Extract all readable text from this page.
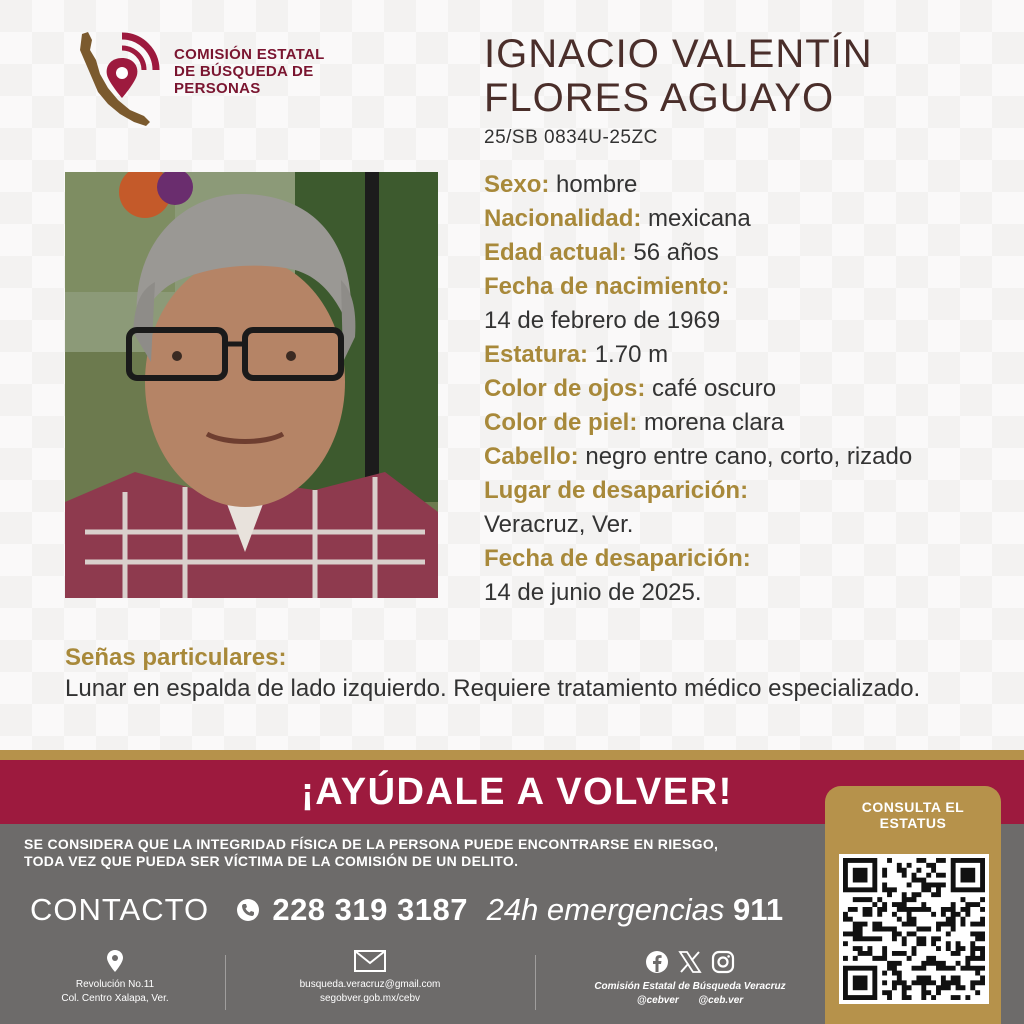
COMISIÓN ESTATAL
DE BÚSQUEDA DE
PERSONAS
IGNACIO VALENTÍN
FLORES AGUAYO
25/SB 0834U-25ZC
Sexo: hombre
Nacionalidad: mexicana
Edad actual: 56 años
Fecha de nacimiento:
14 de febrero de 1969
Estatura: 1.70 m
Color de ojos: café oscuro
Color de piel: morena clara
Cabello: negro entre cano, corto, rizado
Lugar de desaparición:
Veracruz, Ver.
Fecha de desaparición:
14 de junio de 2025.
Señas particulares:
Lunar en espalda de lado izquierdo. Requiere tratamiento médico especializado.
¡AYÚDALE A VOLVER!
SE CONSIDERA QUE LA INTEGRIDAD FÍSICA DE LA PERSONA PUEDE ENCONTRARSE EN RIESGO,
TODA VEZ QUE PUEDA SER VÍCTIMA DE LA COMISIÓN DE UN DELITO.
CONTACTO 228 319 3187 24h emergencias 911
Revolución No.11
Col. Centro Xalapa, Ver.
busqueda.veracruz@gmail.com
segobver.gob.mx/cebv
Comisión Estatal de Búsqueda Veracruz
@cebver @ceb.ver
CONSULTA EL
ESTATUS
